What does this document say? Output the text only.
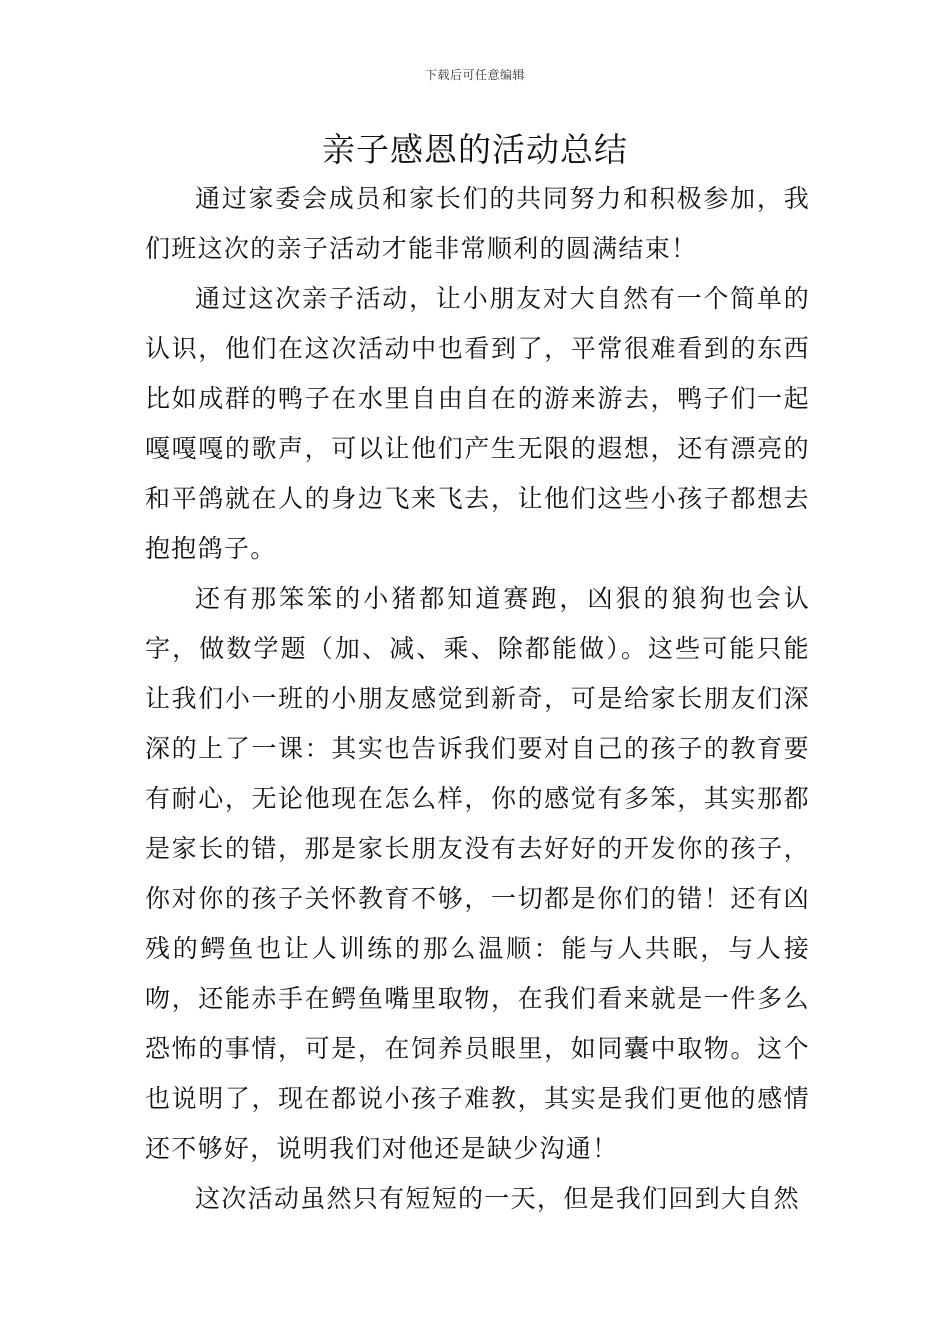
下载后可任意编辑
亲子感恩的活动总结

通过家委会成员和家长们的共同努力和积极参加，我们班这次的亲子活动才能非常顺利的圆满结束！

通过这次亲子活动，让小朋友对大自然有一个简单的认识，他们在这次活动中也看到了，平常很难看到的东西比如成群的鸭子在水里自由自在的游来游去，鸭子们一起嘎嘎嘎的歌声，可以让他们产生无限的遐想，还有漂亮的和平鸽就在人的身边飞来飞去，让他们这些小孩子都想去抱抱鸽子。

还有那笨笨的小猪都知道赛跑，凶狠的狼狗也会认字，做数学题（加、减、乘、除都能做）。这些可能只能让我们小一班的小朋友感觉到新奇，可是给家长朋友们深深的上了一课：其实也告诉我们要对自己的孩子的教育要有耐心，无论他现在怎么样，你的感觉有多笨，其实那都是家长的错，那是家长朋友没有去好好的开发你的孩子，你对你的孩子关怀教育不够，一切都是你们的错！还有凶残的鳄鱼也让人训练的那么温顺：能与人共眠，与人接吻，还能赤手在鳄鱼嘴里取物，在我们看来就是一件多么恐怖的事情，可是，在饲养员眼里，如同囊中取物。这个也说明了，现在都说小孩子难教，其实是我们更他的感情还不够好，说明我们对他还是缺少沟通！

这次活动虽然只有短短的一天，但是我们回到大自然
